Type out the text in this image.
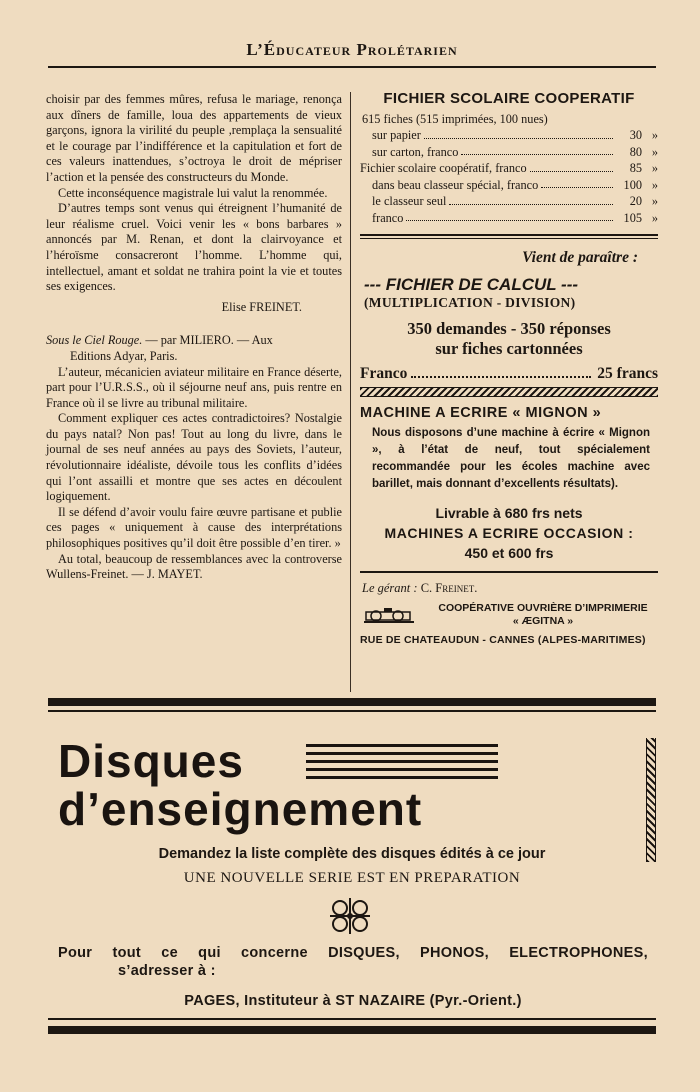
L’Éducateur Prolétarien

choisir par des femmes mûres, refusa le mariage, renonça aux dîners de famille, loua des appartements de vieux garçons, ignora la virilité du peuple ,remplaça la sensualité et le courage par l’indifférence et la capitulation et fort de ces valeurs inattendues, s’octroya le droit de mépriser l’action et la pensée des constructeurs du Monde.

Cette inconséquence magistrale lui valut la renommée.

D’autres temps sont venus qui étreignent l’humanité de leur réalisme cruel. Voici venir les « bons barbares » annoncés par M. Renan, et dont la clairvoyance et l’héroïsme consacreront l’homme. L’homme qui, intellectuel, amant et soldat ne trahira point la vie et toutes ses exigences.

Elise FREINET.

Sous le Ciel Rouge. — par MILIERO. — Aux
Editions Adyar, Paris.

L’auteur, mécanicien aviateur militaire en France déserte, part pour l’U.R.S.S., où il séjourne neuf ans, puis rentre en France où il se livre au tribunal militaire.

Comment expliquer ces actes contradictoires? Nostalgie du pays natal? Non pas! Tout au long du livre, dans le journal de ses neuf années au pays des Soviets, l’auteur, révolutionnaire idéaliste, dévoile tous les conflits d’idées qui l’ont assailli et montre que ses actes en découlent logiquement.

Il se défend d’avoir voulu faire œuvre partisane et publie ces pages « uniquement à cause des interprétations philosophiques positives qu’il doit être possible d’en tirer. »

Au total, beaucoup de ressemblances avec la controverse Wullens-Freinet. — J. MAYET.

FICHIER SCOLAIRE COOPERATIF
615 fiches (515 imprimées, 100 nues)
sur papier	30 »
sur carton, franco	80 »
Fichier scolaire coopératif, franco	85 »
dans beau classeur spécial, franco	100 »
le classeur seul	20 »
franco	105 »
Vient de paraître :
--- FICHIER DE CALCUL ---
(MULTIPLICATION - DIVISION)
350 demandes - 350 réponses
sur fiches cartonnées
Franco	25 francs
MACHINE A ECRIRE « MIGNON »
Nous disposons d’une machine à écrire « Mignon », à l’état de neuf, tout spécialement recommandée pour les écoles machine avec barillet, mais donnant d’excellents résultats).
Livrable à 680 frs nets
MACHINES A ECRIRE OCCASION :
450 et 600 frs
Le gérant : C. Freinet.
COOPÉRATIVE OUVRIÈRE D’IMPRIMERIE
« ÆGITNA »
RUE DE CHATEAUDUN - CANNES (ALPES-MARITIMES)
Disques
d’enseignement
Demandez la liste complète des disques édités à ce jour
UNE NOUVELLE SERIE EST EN PREPARATION
Pour tout ce qui concerne DISQUES, PHONOS, ELECTROPHONES,
s’adresser à :
PAGES, Instituteur à ST NAZAIRE (Pyr.-Orient.)
